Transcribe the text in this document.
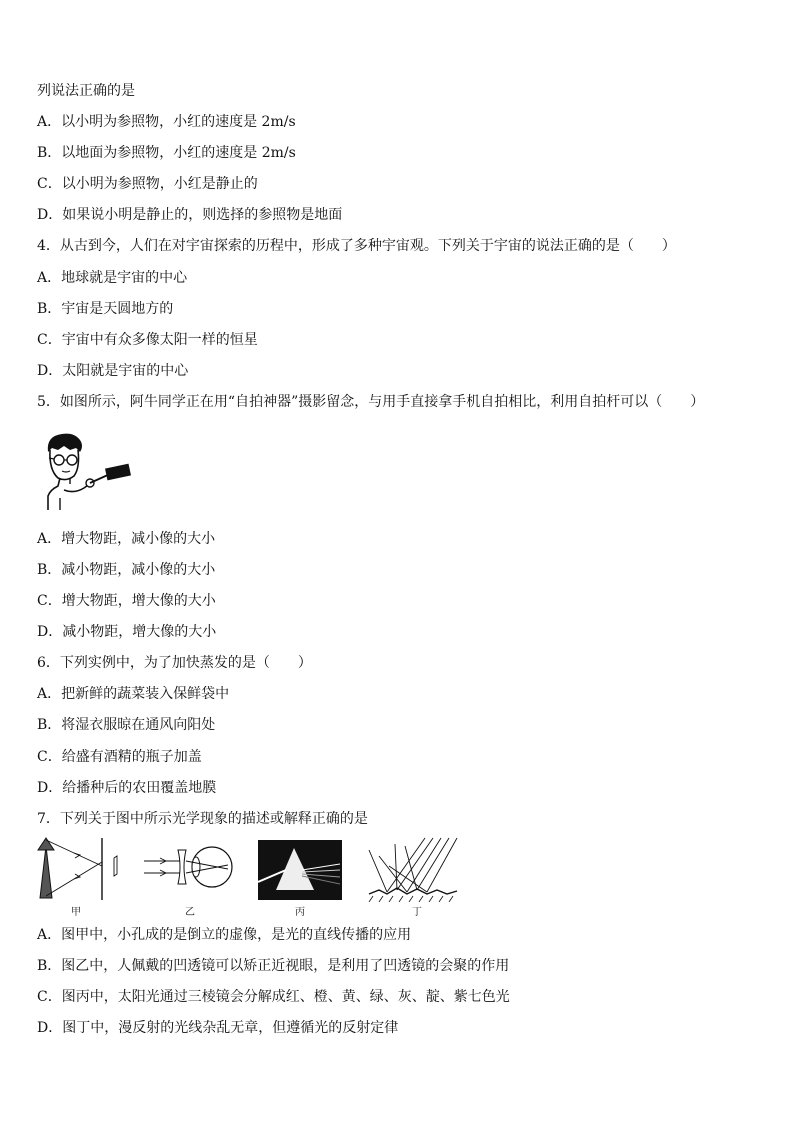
列说法正确的是
A．以小明为参照物，小红的速度是 2m/s
B．以地面为参照物，小红的速度是 2m/s
C．以小明为参照物，小红是静止的
D．如果说小明是静止的，则选择的参照物是地面
4．从古到今，人们在对宇宙探索的历程中，形成了多种宇宙观。下列关于宇宙的说法正确的是（　　）
A．地球就是宇宙的中心
B．宇宙是天圆地方的
C．宇宙中有众多像太阳一样的恒星
D．太阳就是宇宙的中心
5．如图所示，阿牛同学正在用“自拍神器”摄影留念，与用手直接拿手机自拍相比，利用自拍杆可以（　　）
A．增大物距，减小像的大小
B．减小物距，减小像的大小
C．增大物距，增大像的大小
D．减小物距，增大像的大小
6．下列实例中，为了加快蒸发的是（　　）
A．把新鲜的蔬菜装入保鲜袋中
B．将湿衣服晾在通风向阳处
C．给盛有酒精的瓶子加盖
D．给播种后的农田覆盖地膜
7．下列关于图中所示光学现象的描述或解释正确的是
甲	乙	丙	丁
A．图甲中，小孔成的是倒立的虚像，是光的直线传播的应用
B．图乙中，人佩戴的凹透镜可以矫正近视眼，是利用了凹透镜的会聚的作用
C．图丙中，太阳光通过三棱镜会分解成红、橙、黄、绿、灰、靛、紫七色光
D．图丁中，漫反射的光线杂乱无章，但遵循光的反射定律
